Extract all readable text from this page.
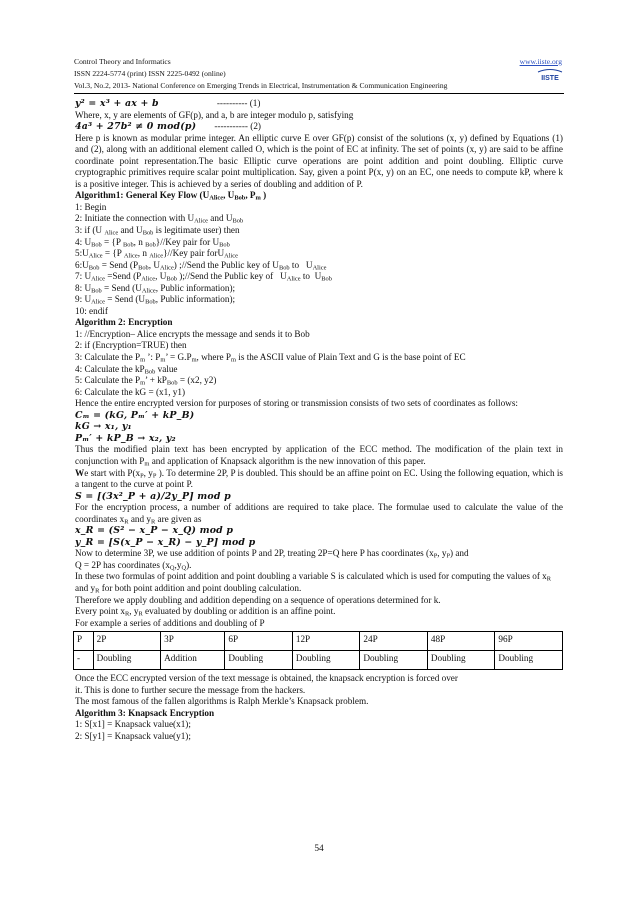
Control Theory and Informatics	www.iiste.org
ISSN 2224-5774 (print) ISSN 2225-0492 (online)
Vol.3, No.2, 2013- National Conference on Emerging Trends in Electrical, Instrumentation & Communication Engineering
IISTE

y² = x³ + ax + b	---------- (1)

Where, x, y are elements of GF(p), and a, b are integer modulo p, satisfying

4a³ + 27b² ≠ 0 mod(p) ----------- (2)

Here p is known as modular prime integer. An elliptic curve E over GF(p) consist of the solutions (x, y) defined by Equations (1) and (2), along with an additional element called O, which is the point of EC at infinity. The set of points (x, y) are said to be affine coordinate point representation.The basic Elliptic curve operations are point addition and point doubling. Elliptic curve cryptographic primitives require scalar point multiplication. Say, given a point P(x, y) on an EC, one needs to compute kP, where k is a positive integer. This is achieved by a series of doubling and addition of P.

Algorithm1: General Key Flow ($U_{Alice}$, $U_{Bob}$, $P_m$ )

1: Begin

2: Initiate the connection with $U_{Alice}$ and $U_{Bob}$

3: if (U $_{Alice}$ and $U_{Bob}$ is legitimate user) then

4: $U_{Bob} = \{P$ $_{Bob}$, n $_{Bob}$}//Key pair for $U_{Bob}$

$5:U_{Alice} = \{P$ $_{Alice}$, n $_{Alice}$}//Key pair forU$_{Alice}$

$6:U_{Bob}$ = Send ($P_{Bob}$, $U_{Alice}$) ;//Send the Public key of $U_{Bob}$ to   $U_{Alice}$

7: $U_{Alice}$ =Send ($P_{Alice}$, $U_{Bob}$ );//Send the Public key of   $U_{Alice}$ to  $U_{Bob}$

8: $U_{Bob}$ = Send ($U_{Alice}$, Public information);

9: $U_{Alice}$ = Send ($U_{Bob}$, Public information);

10: endif

Algorithm 2: Encryption

1: //Encryption– Alice encrypts the message and sends it to Bob

2: if (Encryption=TRUE) then

3: Calculate the $P_m$ ’: $P_m$’ = $G.P_m$, where $P_m$ is the ASCII value of Plain Text and G is the base point of EC

4: Calculate the $kP_{Bob}$ value

5: Calculate the $P_m$’ + $kP_{Bob} = (x2$, y2)

6: Calculate the kG = (x1, y1)

Hence the entire encrypted version for purposes of storing or transmission consists of two sets of coordinates as follows:

Cₘ = (kG, Pₘ′ + kP_B)

kG → x₁, y₁

Pₘ′ + kP_B → x₂, y₂

Thus the modified plain text has been encrypted by application of the ECC method. The modification of the plain text in conjunction with $P_m$ and application of Knapsack algorithm is the new innovation of this paper.

We start with $P(x_P$, $y_P$ ). To determine 2P, P is doubled. This should be an affine point on EC. Using the following equation, which is a tangent to the curve at point P.

S = [(3x²_P + a)/2y_P] mod p

For the encryption process, a number of additions are required to take place. The formulae used to calculate the value of the coordinates $x_R$ and $y_R$ are given as

x_R = (S² − x_P − x_Q) mod p

y_R = [S(x_P − x_R) − y_P] mod p

Now to determine 3P, we use addition of points P and 2P, treating 2P=Q here P has coordinates ($x_P$, $y_P$) and
Q = 2P has coordinates $(x_Q,y_Q)$.

In these two formulas of point addition and point doubling a variable S is calculated which is used for computing the values of $x_R$ and $y_R$ for both point addition and point doubling calculation.

Therefore we apply doubling and addition depending on a sequence of operations determined for k.

Every point $x_R$, $y_R$ evaluated by doubling or addition is an affine point.

For example a series of additions and doubling of P

P	2P	3P	6P	12P	24P	48P	96P
-	Doubling	Addition	Doubling	Doubling	Doubling	Doubling	Doubling

Once the ECC encrypted version of the text message is obtained, the knapsack encryption is forced over

it. This is done to further secure the message from the hackers.

The most famous of the fallen algorithms is Ralph Merkle’s Knapsack problem.

Algorithm 3: Knapsack Encryption

1: S[x1] = Knapsack value(x1);

2: S[y1] = Knapsack value(y1);

54
